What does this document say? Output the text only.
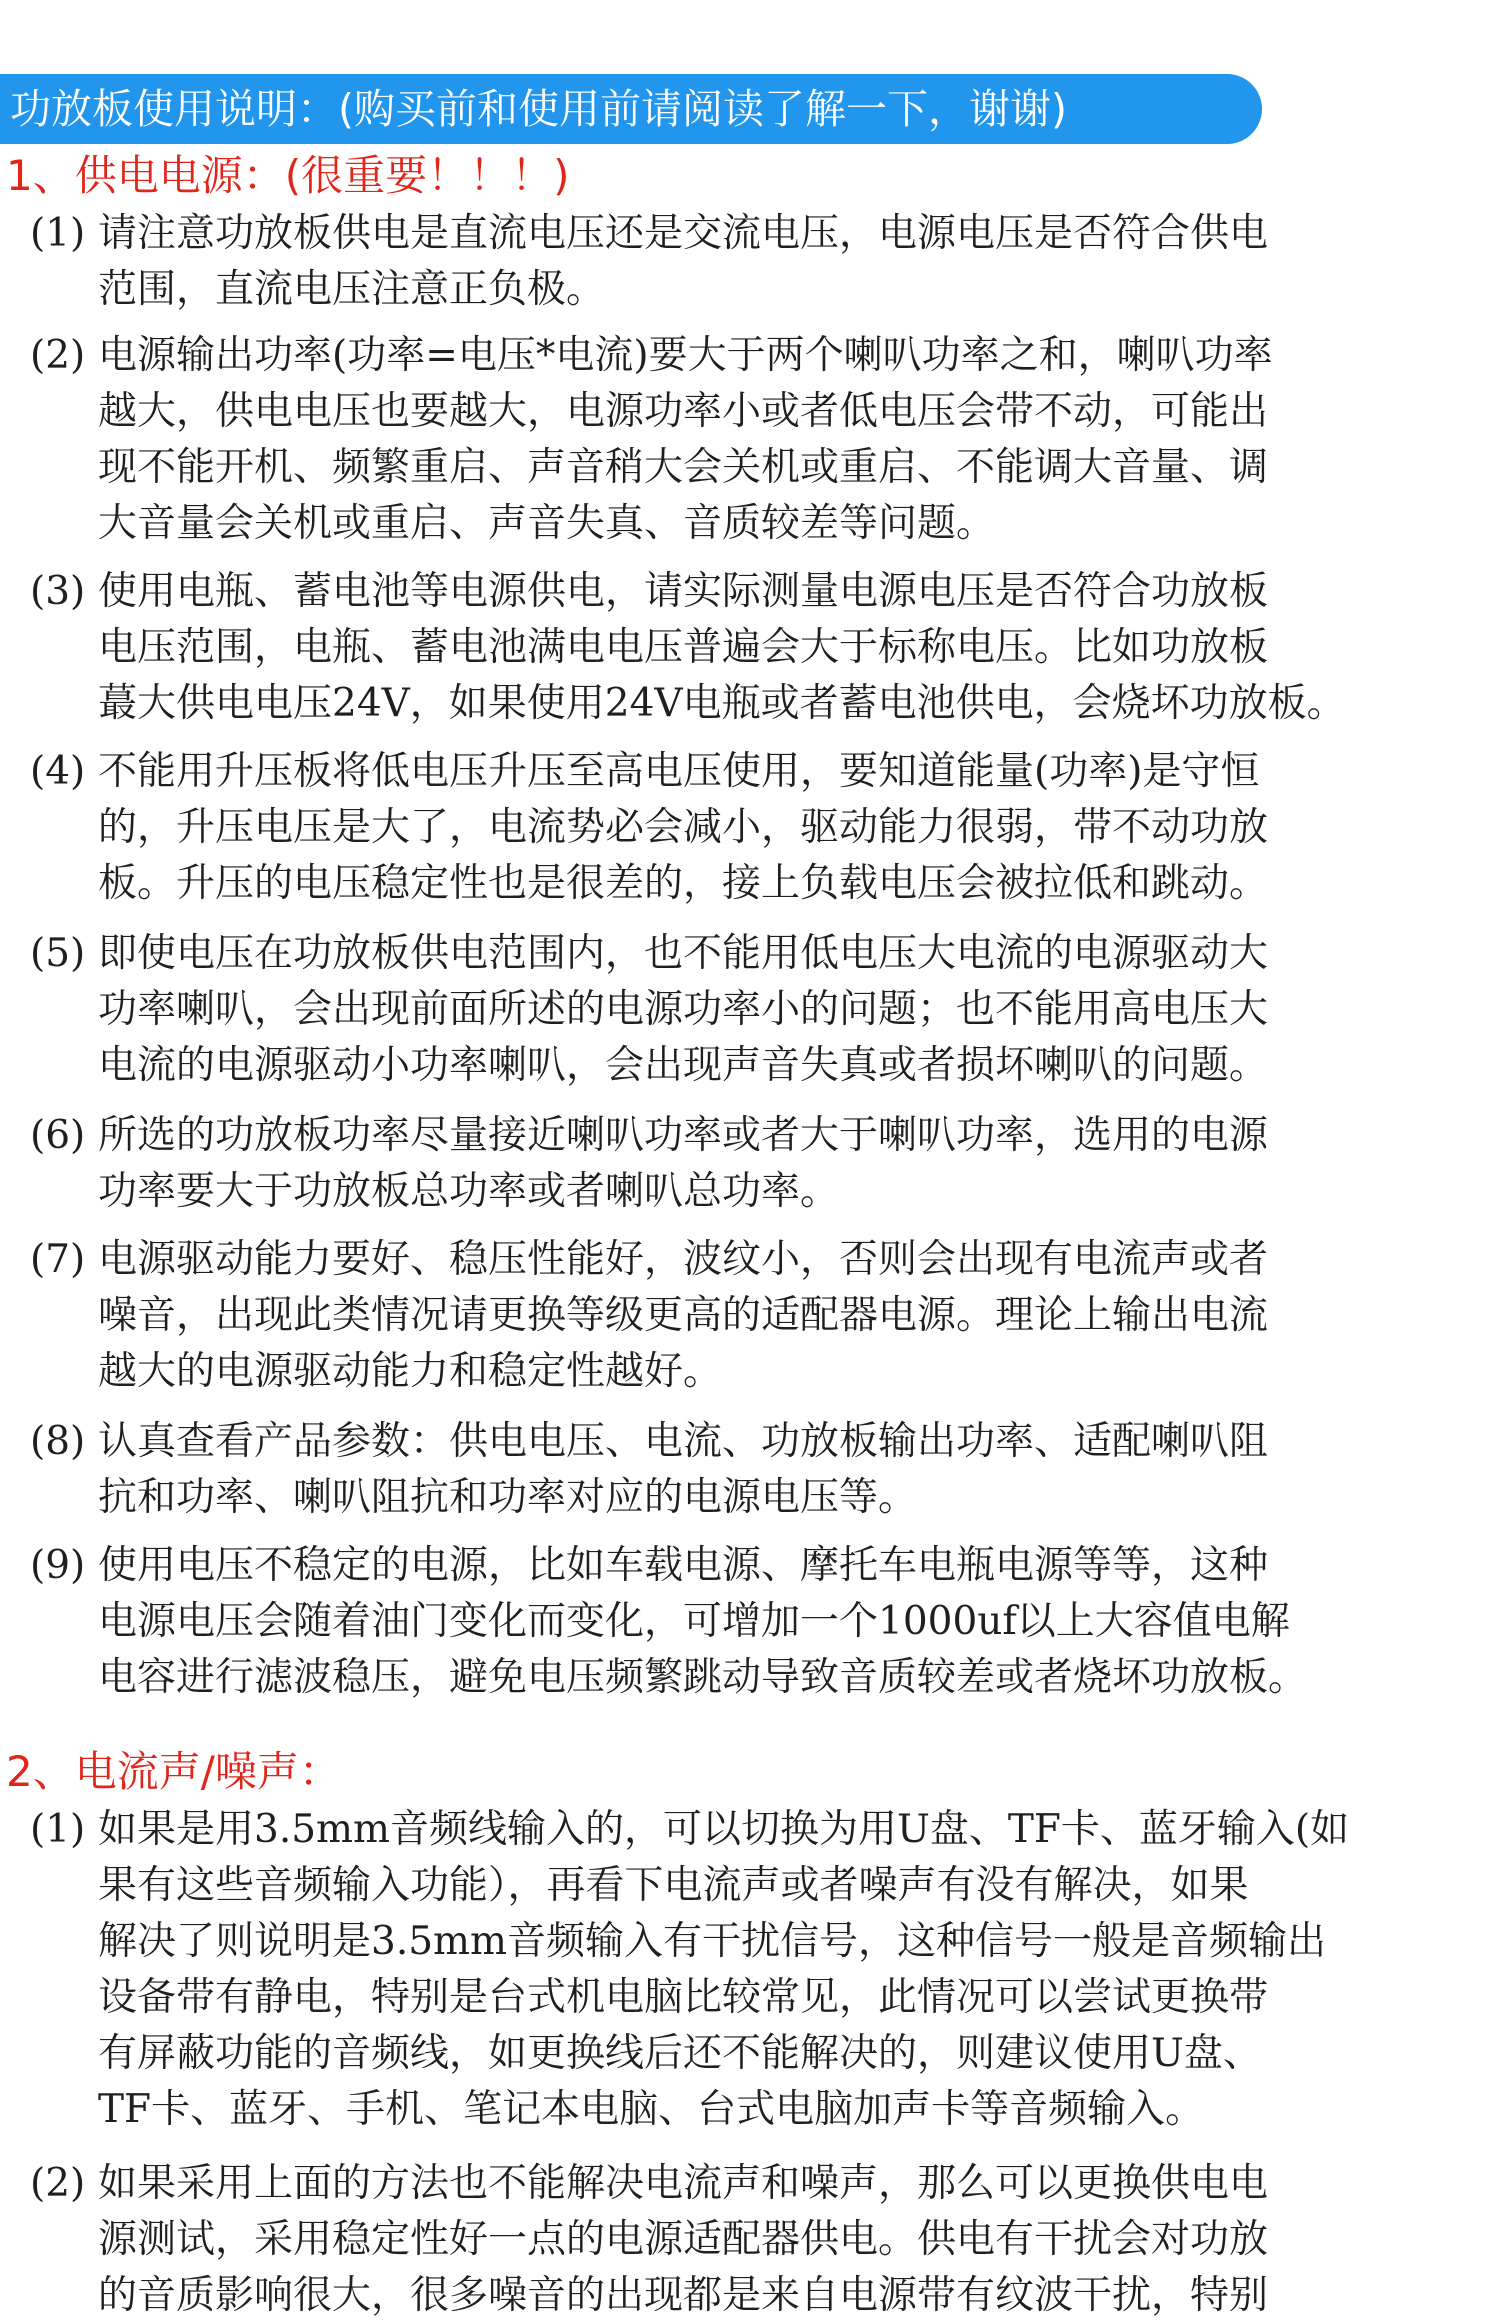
功放板使用说明：(购买前和使用前请阅读了解一下，谢谢)
1、供电电源：(很重要！！！)
(1) 请注意功放板供电是直流电压还是交流电压，电源电压是否符合供电
范围，直流电压注意正负极。
(2) 电源输出功率(功率=电压*电流)要大于两个喇叭功率之和，喇叭功率
越大，供电电压也要越大，电源功率小或者低电压会带不动，可能出
现不能开机、频繁重启、声音稍大会关机或重启、不能调大音量、调
大音量会关机或重启、声音失真、音质较差等问题。
(3) 使用电瓶、蓄电池等电源供电，请实际测量电源电压是否符合功放板
电压范围，电瓶、蓄电池满电电压普遍会大于标称电压。比如功放板
蕞大供电电压24V，如果使用24V电瓶或者蓄电池供电，会烧坏功放板。
(4) 不能用升压板将低电压升压至高电压使用，要知道能量(功率)是守恒
的，升压电压是大了，电流势必会减小，驱动能力很弱，带不动功放
板。升压的电压稳定性也是很差的，接上负载电压会被拉低和跳动。
(5) 即使电压在功放板供电范围内，也不能用低电压大电流的电源驱动大
功率喇叭，会出现前面所述的电源功率小的问题；也不能用高电压大
电流的电源驱动小功率喇叭，会出现声音失真或者损坏喇叭的问题。
(6) 所选的功放板功率尽量接近喇叭功率或者大于喇叭功率，选用的电源
功率要大于功放板总功率或者喇叭总功率。
(7) 电源驱动能力要好、稳压性能好，波纹小，否则会出现有电流声或者
噪音，出现此类情况请更换等级更高的适配器电源。理论上输出电流
越大的电源驱动能力和稳定性越好。
(8) 认真查看产品参数：供电电压、电流、功放板输出功率、适配喇叭阻
抗和功率、喇叭阻抗和功率对应的电源电压等。
(9) 使用电压不稳定的电源，比如车载电源、摩托车电瓶电源等等，这种
电源电压会随着油门变化而变化，可增加一个1000uf以上大容值电解
电容进行滤波稳压，避免电压频繁跳动导致音质较差或者烧坏功放板。
2、电流声/噪声：
(1) 如果是用3.5mm音频线输入的，可以切换为用U盘、TF卡、蓝牙输入(如
果有这些音频输入功能），再看下电流声或者噪声有没有解决，如果
解决了则说明是3.5mm音频输入有干扰信号，这种信号一般是音频输出
设备带有静电，特别是台式机电脑比较常见，此情况可以尝试更换带
有屏蔽功能的音频线，如更换线后还不能解决的，则建议使用U盘、
TF卡、蓝牙、手机、笔记本电脑、台式电脑加声卡等音频输入。
(2) 如果采用上面的方法也不能解决电流声和噪声，那么可以更换供电电
源测试，采用稳定性好一点的电源适配器供电。供电有干扰会对功放
的音质影响很大，很多噪音的出现都是来自电源带有纹波干扰，特别
